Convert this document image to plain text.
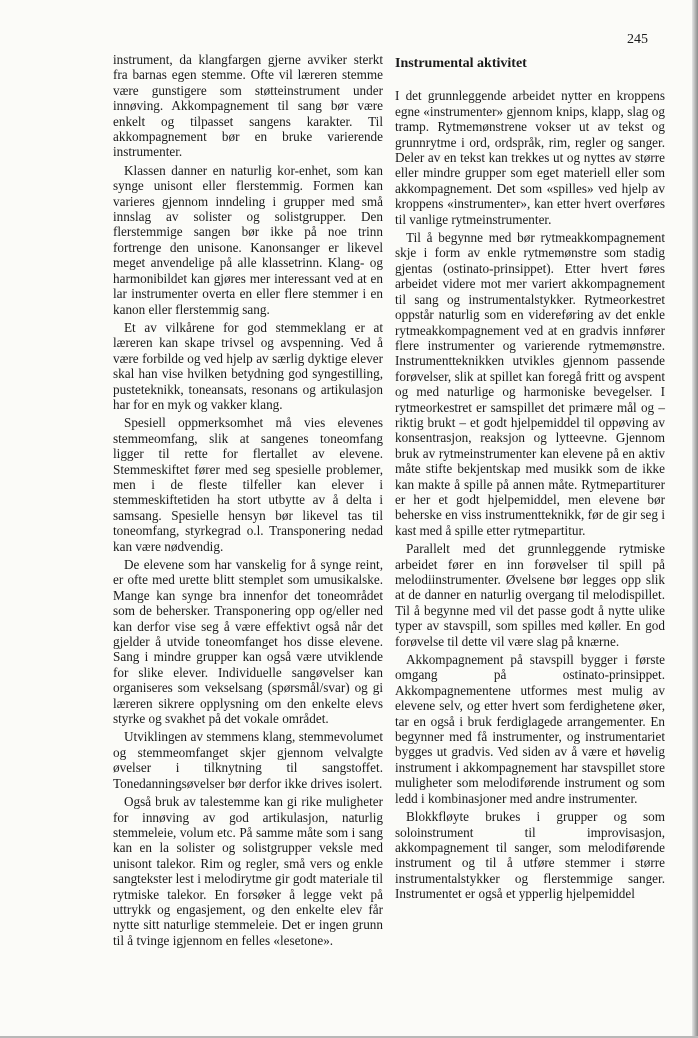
245

instrument, da klangfargen gjerne avviker sterkt fra barnas egen stemme. Ofte vil læreren stemme være gunstigere som støtteinstrument under innøving. Akkompagnement til sang bør være enkelt og tilpasset sangens karakter. Til akkompagnement bør en bruke varierende instrumenter.

Klassen danner en naturlig kor-enhet, som kan synge unisont eller flerstemmig. Formen kan varieres gjennom inndeling i grupper med små innslag av solister og solistgrupper. Den flerstemmige sangen bør ikke på noe trinn fortrenge den unisone. Kanonsanger er likevel meget anvendelige på alle klassetrinn. Klang- og harmonibildet kan gjøres mer interessant ved at en lar instrumenter overta en eller flere stemmer i en kanon eller flerstemmig sang.

Et av vilkårene for god stemmeklang er at læreren kan skape trivsel og avspenning. Ved å være forbilde og ved hjelp av særlig dyktige elever skal han vise hvilken betydning god syngestilling, pusteteknikk, toneansats, resonans og artikulasjon har for en myk og vakker klang.

Spesiell oppmerksomhet må vies elevenes stemmeomfang, slik at sangenes toneomfang ligger til rette for flertallet av elevene. Stemmeskiftet fører med seg spesielle problemer, men i de fleste tilfeller kan elever i stemmeskiftetiden ha stort utbytte av å delta i samsang. Spesielle hensyn bør likevel tas til toneomfang, styrkegrad o.l. Transponering nedad kan være nødvendig.

De elevene som har vanskelig for å synge reint, er ofte med urette blitt stemplet som umusikalske. Mange kan synge bra innenfor det toneområdet som de behersker. Transponering opp og/eller ned kan derfor vise seg å være effektivt også når det gjelder å utvide toneomfanget hos disse elevene. Sang i mindre grupper kan også være utviklende for slike elever. Individuelle sangøvelser kan organiseres som vekselsang (spørsmål/svar) og gi læreren sikrere opplysning om den enkelte elevs styrke og svakhet på det vokale området.

Utviklingen av stemmens klang, stemmevolumet og stemmeomfanget skjer gjennom velvalgte øvelser i tilknytning til sangstoffet. Tonedanningsøvelser bør derfor ikke drives isolert.

Også bruk av talestemme kan gi rike muligheter for innøving av god artikulasjon, naturlig stemmeleie, volum etc. På samme måte som i sang kan en la solister og solistgrupper veksle med unisont talekor. Rim og regler, små vers og enkle sangtekster lest i melodirytme gir godt materiale til rytmiske talekor. En forsøker å legge vekt på uttrykk og engasjement, og den enkelte elev får nytte sitt naturlige stemmeleie. Det er ingen grunn til å tvinge igjennom en felles «lesetone».

Instrumental aktivitet

I det grunnleggende arbeidet nytter en kroppens egne «instrumenter» gjennom knips, klapp, slag og tramp. Rytmemønstrene vokser ut av tekst og grunnrytme i ord, ordspråk, rim, regler og sanger. Deler av en tekst kan trekkes ut og nyttes av større eller mindre grupper som eget materiell eller som akkompagnement. Det som «spilles» ved hjelp av kroppens «instrumenter», kan etter hvert overføres til vanlige rytmeinstrumenter.

Til å begynne med bør rytmeakkompagnement skje i form av enkle rytmemønstre som stadig gjentas (ostinato-prinsippet). Etter hvert føres arbeidet videre mot mer variert akkompagnement til sang og instrumentalstykker. Rytmeorkestret oppstår naturlig som en videreføring av det enkle rytmeakkompagnement ved at en gradvis innfører flere instrumenter og varierende rytmemønstre. Instrumentteknikken utvikles gjennom passende forøvelser, slik at spillet kan foregå fritt og avspent og med naturlige og harmoniske bevegelser. I rytmeorkestret er samspillet det primære mål og – riktig brukt – et godt hjelpemiddel til oppøving av konsentrasjon, reaksjon og lytteevne. Gjennom bruk av rytmeinstrumenter kan elevene på en aktiv måte stifte bekjentskap med musikk som de ikke kan makte å spille på annen måte. Rytmepartiturer er her et godt hjelpemiddel, men elevene bør beherske en viss instrumentteknikk, før de gir seg i kast med å spille etter rytmepartitur.

Parallelt med det grunnleggende rytmiske arbeidet fører en inn forøvelser til spill på melodiinstrumenter. Øvelsene bør legges opp slik at de danner en naturlig overgang til melodispillet. Til å begynne med vil det passe godt å nytte ulike typer av stavspill, som spilles med køller. En god forøvelse til dette vil være slag på knærne.

Akkompagnement på stavspill bygger i første omgang på ostinato-prinsippet. Akkompagnementene utformes mest mulig av elevene selv, og etter hvert som ferdighetene øker, tar en også i bruk ferdiglagede arrangementer. En begynner med få instrumenter, og instrumentariet bygges ut gradvis. Ved siden av å være et høvelig instrument i akkompagnement har stavspillet store muligheter som melodiførende instrument og som ledd i kombinasjoner med andre instrumenter.

Blokkfløyte brukes i grupper og som soloinstrument til improvisasjon, akkompagnement til sanger, som melodiførende instrument og til å utføre stemmer i større instrumentalstykker og flerstemmige sanger. Instrumentet er også et ypperlig hjelpemiddel
